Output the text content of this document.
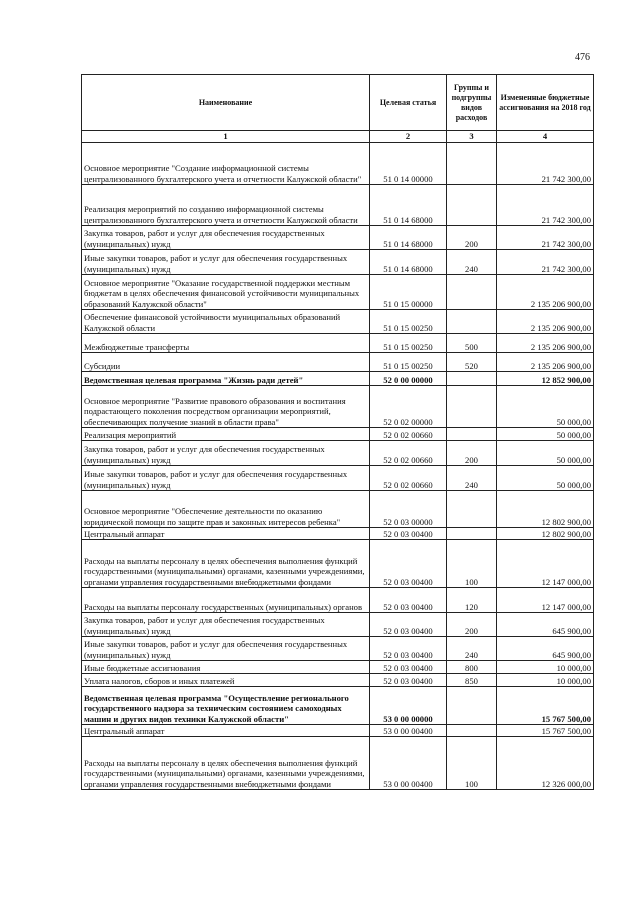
476
Наименование	Целевая статья	Группы и подгруппы видов расходов	Измененные бюджетные ассигнования на 2018 год
1	2	3	4
Основное мероприятие "Создание информационной системы централизованного бухгалтерского учета и отчетности Калужской области"	51 0 14 00000		21 742 300,00
Реализация мероприятий по созданию информационной системы централизованного бухгалтерского учета и отчетности Калужской области	51 0 14 68000		21 742 300,00
Закупка товаров, работ и услуг для обеспечения государственных (муниципальных) нужд	51 0 14 68000	200	21 742 300,00
Иные закупки товаров, работ и услуг для обеспечения государственных (муниципальных) нужд	51 0 14 68000	240	21 742 300,00
Основное мероприятие "Оказание государственной поддержки местным бюджетам в целях обеспечения финансовой устойчивости муниципальных образований Калужской области"	51 0 15 00000		2 135 206 900,00
Обеспечение финансовой устойчивости муниципальных образований Калужской области	51 0 15 00250		2 135 206 900,00
Межбюджетные трансферты	51 0 15 00250	500	2 135 206 900,00
Субсидии	51 0 15 00250	520	2 135 206 900,00
Ведомственная целевая программа "Жизнь ради детей"	52 0 00 00000		12 852 900,00
Основное мероприятие "Развитие правового образования и воспитания подрастающего поколения посредством организации мероприятий, обеспечивающих получение знаний в области права"	52 0 02 00000		50 000,00
Реализация мероприятий	52 0 02 00660		50 000,00
Закупка товаров, работ и услуг для обеспечения государственных (муниципальных) нужд	52 0 02 00660	200	50 000,00
Иные закупки товаров, работ и услуг для обеспечения государственных (муниципальных) нужд	52 0 02 00660	240	50 000,00
Основное мероприятие "Обеспечение деятельности по оказанию юридической помощи по защите прав и законных интересов ребенка"	52 0 03 00000		12 802 900,00
Центральный аппарат	52 0 03 00400		12 802 900,00
Расходы на выплаты персоналу в целях обеспечения выполнения функций государственными (муниципальными) органами, казенными учреждениями, органами управления государственными внебюджетными фондами	52 0 03 00400	100	12 147 000,00
Расходы на выплаты персоналу государственных (муниципальных) органов	52 0 03 00400	120	12 147 000,00
Закупка товаров, работ и услуг для обеспечения государственных (муниципальных) нужд	52 0 03 00400	200	645 900,00
Иные закупки товаров, работ и услуг для обеспечения государственных (муниципальных) нужд	52 0 03 00400	240	645 900,00
Иные бюджетные ассигнования	52 0 03 00400	800	10 000,00
Уплата налогов, сборов и иных платежей	52 0 03 00400	850	10 000,00
Ведомственная целевая программа "Осуществление регионального государственного надзора за техническим состоянием самоходных машин и других видов техники Калужской области"	53 0 00 00000		15 767 500,00
Центральный аппарат	53 0 00 00400		15 767 500,00
Расходы на выплаты персоналу в целях обеспечения выполнения функций государственными (муниципальными) органами, казенными учреждениями, органами управления государственными внебюджетными фондами	53 0 00 00400	100	12 326 000,00
